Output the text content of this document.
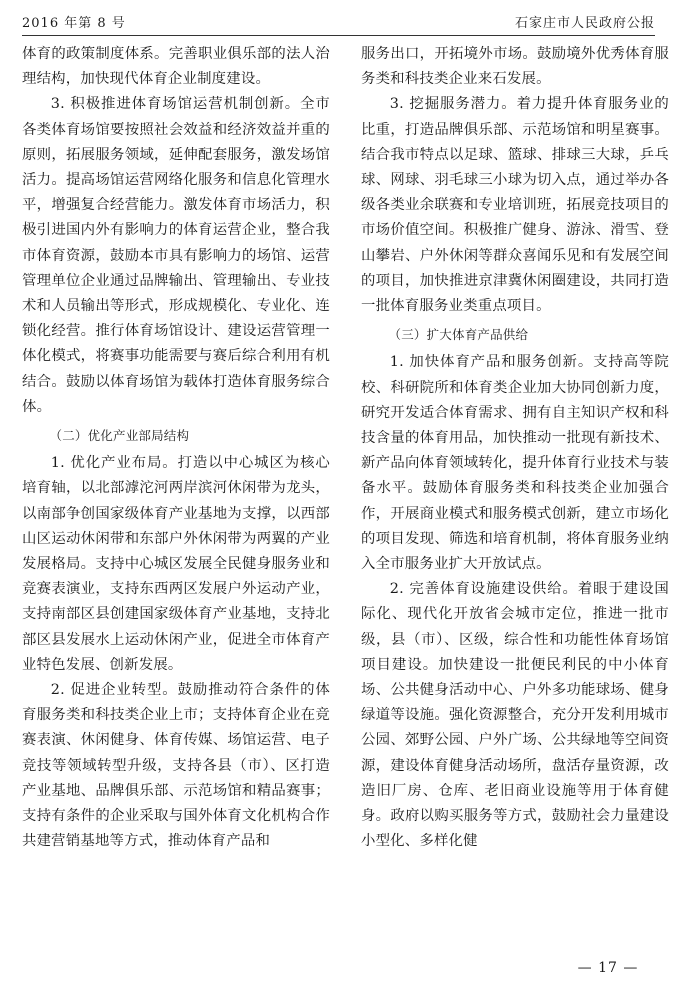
2016 年第 8 号	石家庄市人民政府公报

体育的政策制度体系。完善职业俱乐部的法人治理结构，加快现代体育企业制度建设。

3. 积极推进体育场馆运营机制创新。全市各类体育场馆要按照社会效益和经济效益并重的原则，拓展服务领域，延伸配套服务，激发场馆活力。提高场馆运营网络化服务和信息化管理水平，增强复合经营能力。激发体育市场活力，积极引进国内外有影响力的体育运营企业，整合我市体育资源，鼓励本市具有影响力的场馆、运营管理单位企业通过品牌输出、管理输出、专业技术和人员输出等形式，形成规模化、专业化、连锁化经营。推行体育场馆设计、建设运营管理一体化模式，将赛事功能需要与赛后综合利用有机结合。鼓励以体育场馆为载体打造体育服务综合体。

（二）优化产业部局结构

1. 优化产业布局。打造以中心城区为核心培育轴，以北部滹沱河两岸滨河休闲带为龙头，以南部争创国家级体育产业基地为支撑，以西部山区运动休闲带和东部户外休闲带为两翼的产业发展格局。支持中心城区发展全民健身服务业和竞赛表演业，支持东西两区发展户外运动产业，支持南部区县创建国家级体育产业基地，支持北部区县发展水上运动休闲产业，促进全市体育产业特色发展、创新发展。

2. 促进企业转型。鼓励推动符合条件的体育服务类和科技类企业上市；支持体育企业在竞赛表演、休闲健身、体育传媒、场馆运营、电子竞技等领域转型升级，支持各县（市）、区打造产业基地、品牌俱乐部、示范场馆和精品赛事；支持有条件的企业采取与国外体育文化机构合作共建营销基地等方式，推动体育产品和

服务出口，开拓境外市场。鼓励境外优秀体育服务类和科技类企业来石发展。

3. 挖掘服务潜力。着力提升体育服务业的比重，打造品牌俱乐部、示范场馆和明星赛事。结合我市特点以足球、篮球、排球三大球，乒乓球、网球、羽毛球三小球为切入点，通过举办各级各类业余联赛和专业培训班，拓展竞技项目的市场价值空间。积极推广健身、游泳、滑雪、登山攀岩、户外休闲等群众喜闻乐见和有发展空间的项目，加快推进京津冀休闲圈建设，共同打造一批体育服务业类重点项目。

（三）扩大体育产品供给

1. 加快体育产品和服务创新。支持高等院校、科研院所和体育类企业加大协同创新力度，研究开发适合体育需求、拥有自主知识产权和科技含量的体育用品，加快推动一批现有新技术、新产品向体育领域转化，提升体育行业技术与装备水平。鼓励体育服务类和科技类企业加强合作，开展商业模式和服务模式创新，建立市场化的项目发现、筛选和培育机制，将体育服务业纳入全市服务业扩大开放试点。

2. 完善体育设施建设供给。着眼于建设国际化、现代化开放省会城市定位，推进一批市级，县（市）、区级，综合性和功能性体育场馆项目建设。加快建设一批便民利民的中小体育场、公共健身活动中心、户外多功能球场、健身绿道等设施。强化资源整合，充分开发利用城市公园、郊野公园、户外广场、公共绿地等空间资源，建设体育健身活动场所，盘活存量资源，改造旧厂房、仓库、老旧商业设施等用于体育健身。政府以购买服务等方式，鼓励社会力量建设小型化、多样化健

— 17 —
